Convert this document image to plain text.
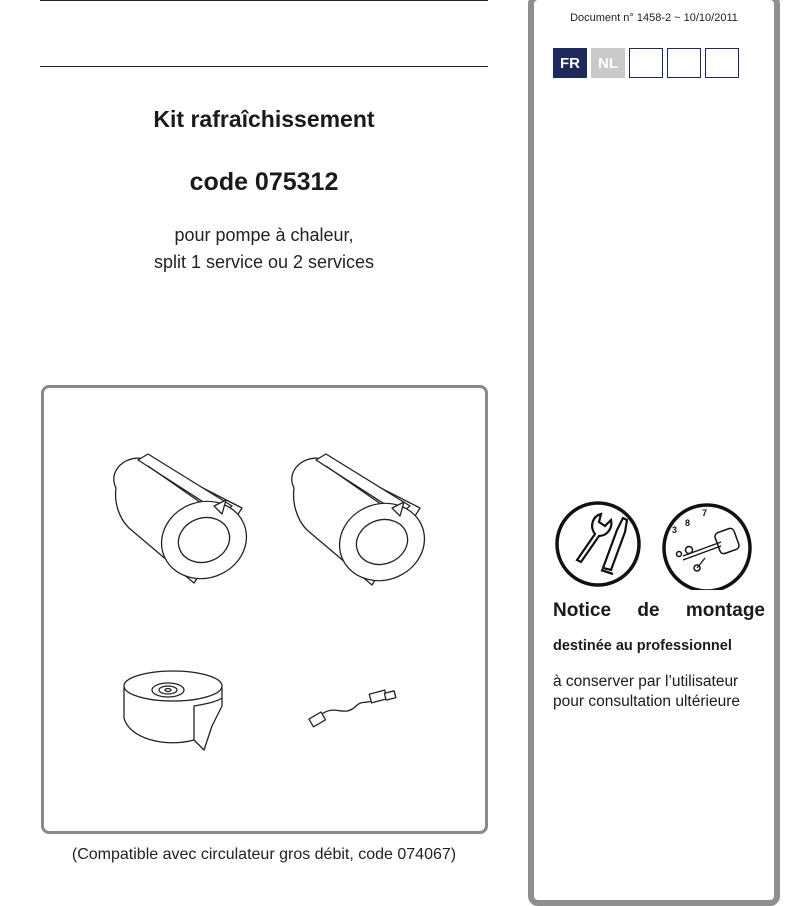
Kit rafraîchissement
code 075312
pour pompe à chaleur,
split 1 service ou 2 services
(Compatible avec circulateur gros débit, code 074067)
Document n° 1458-2 ~ 10/10/2011
FR	NL
3
8
7
Notice de montage
destinée au professionnel
à conserver par l’utilisateur
pour consultation ultérieure
